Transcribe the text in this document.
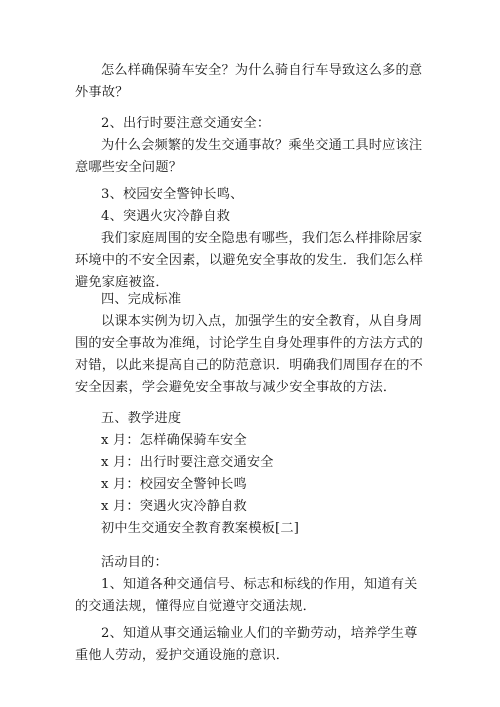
怎么样确保骑车安全？为什么骑自行车导致这么多的意外事故？
2、出行时要注意交通安全：
为什么会频繁的发生交通事故？乘坐交通工具时应该注意哪些安全问题？
3、校园安全警钟长鸣、
4、突遇火灾冷静自救
我们家庭周围的安全隐患有哪些，我们怎么样排除居家环境中的不安全因素，以避免安全事故的发生．我们怎么样避免家庭被盗．
四、完成标准
以课本实例为切入点，加强学生的安全教育，从自身周围的安全事故为准绳，讨论学生自身处理事件的方法方式的对错，以此来提高自己的防范意识．明确我们周围存在的不安全因素，学会避免安全事故与减少安全事故的方法．
五、教学进度
x 月：怎样确保骑车安全
x 月：出行时要注意交通安全
x 月：校园安全警钟长鸣
x 月：突遇火灾冷静自救
初中生交通安全教育教案模板[二]
活动目的：
1、知道各种交通信号、标志和标线的作用，知道有关的交通法规，懂得应自觉遵守交通法规．
2、知道从事交通运输业人们的辛勤劳动，培养学生尊重他人劳动，爱护交通设施的意识．
